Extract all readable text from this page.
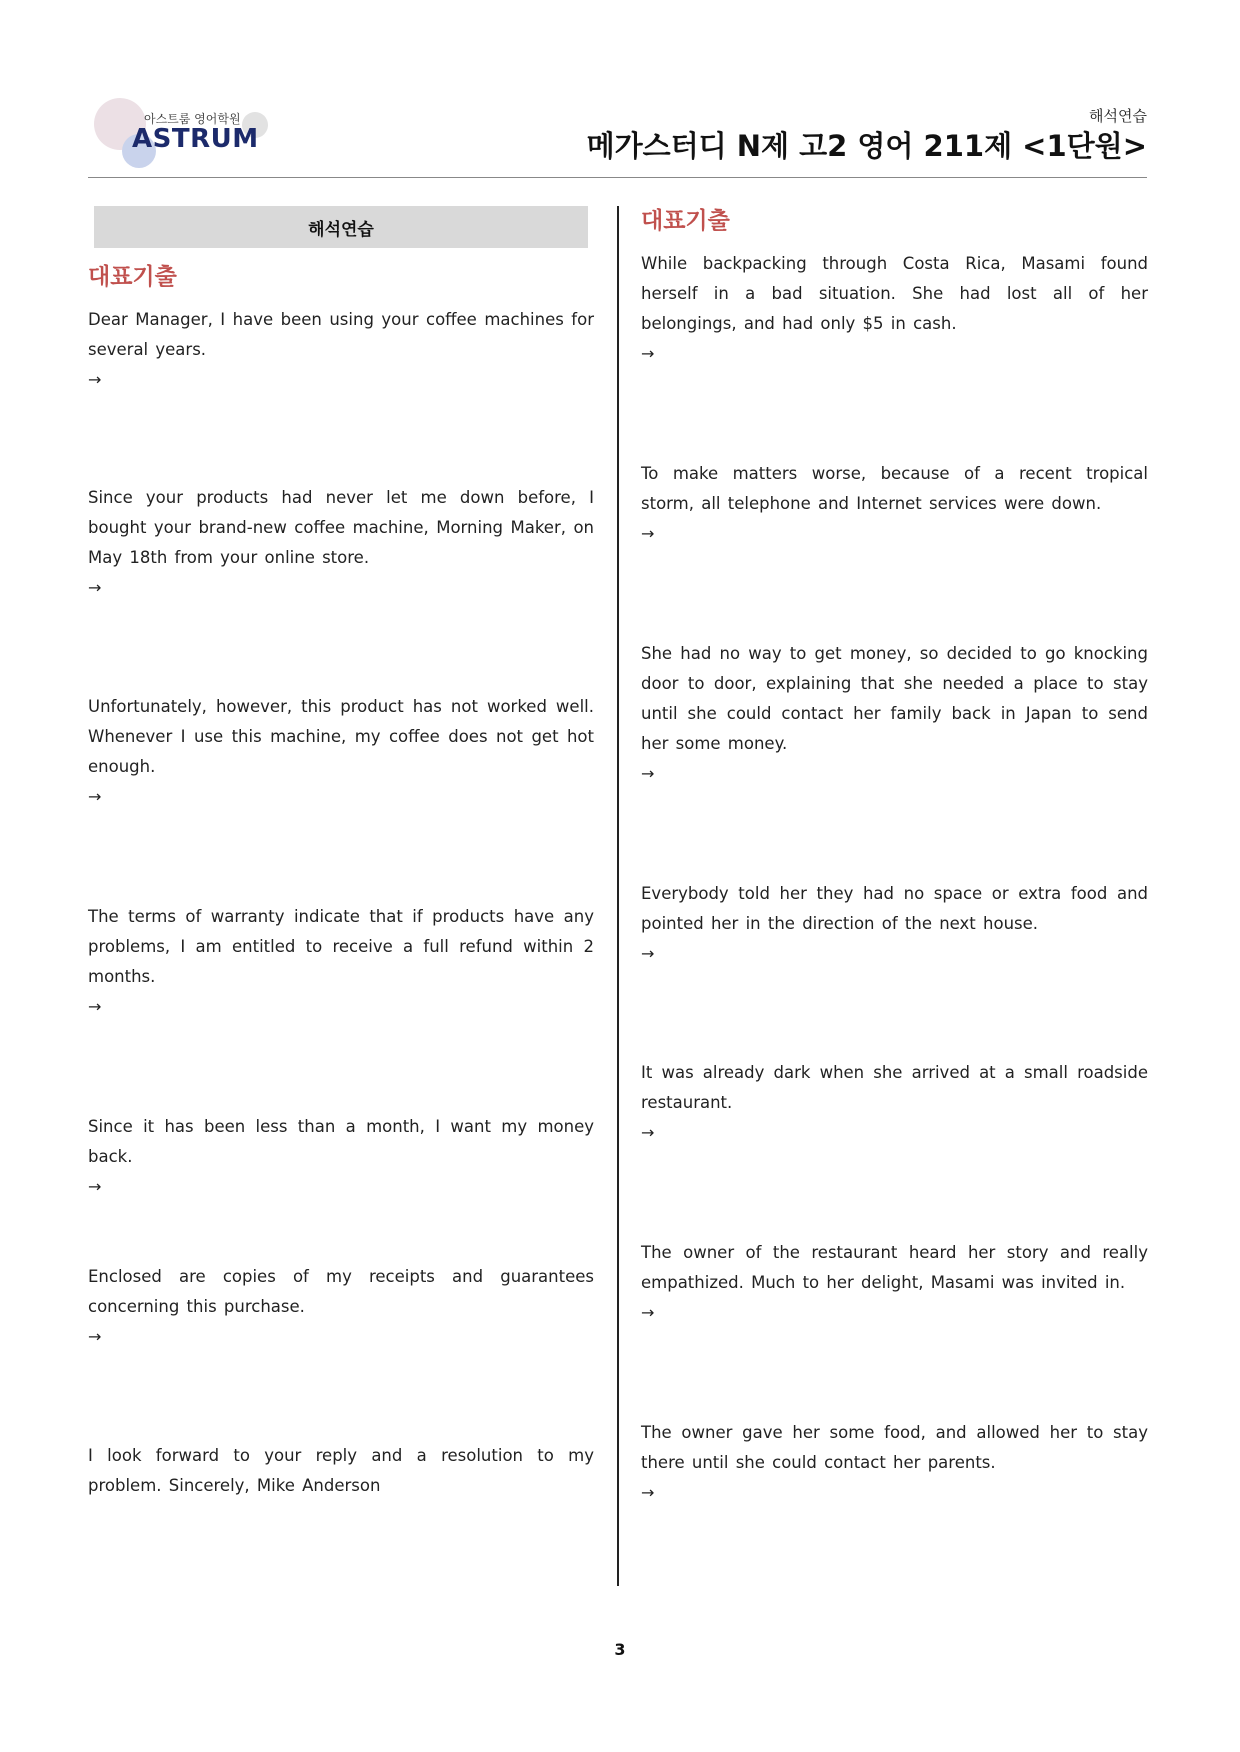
아스트룸 영어학원
ASTRUM
해석연습
메가스터디 N제 고2 영어 211제 <1단원>
해석연습
대표기출
대표기출
Dear Manager, I have been using your coffee machines for several years.
→
Since your products had never let me down before, I bought your brand-new coffee machine, Morning Maker, on May 18th from your online store.
→
Unfortunately, however, this product has not worked well. Whenever I use this machine, my coffee does not get hot enough.
→
The terms of warranty indicate that if products have any problems, I am entitled to receive a full refund within 2 months.
→
Since it has been less than a month, I want my money back.
→
Enclosed are copies of my receipts and guarantees concerning this purchase.
→
I look forward to your reply and a resolution to my problem. Sincerely, Mike Anderson
While backpacking through Costa Rica, Masami found herself in a bad situation. She had lost all of her belongings, and had only $5 in cash.
→
To make matters worse, because of a recent tropical storm, all telephone and Internet services were down.
→
She had no way to get money, so decided to go knocking door to door, explaining that she needed a place to stay until she could contact her family back in Japan to send her some money.
→
Everybody told her they had no space or extra food and pointed her in the direction of the next house.
→
It was already dark when she arrived at a small roadside restaurant.
→
The owner of the restaurant heard her story and really empathized. Much to her delight, Masami was invited in.
→
The owner gave her some food, and allowed her to stay there until she could contact her parents.
→
3
